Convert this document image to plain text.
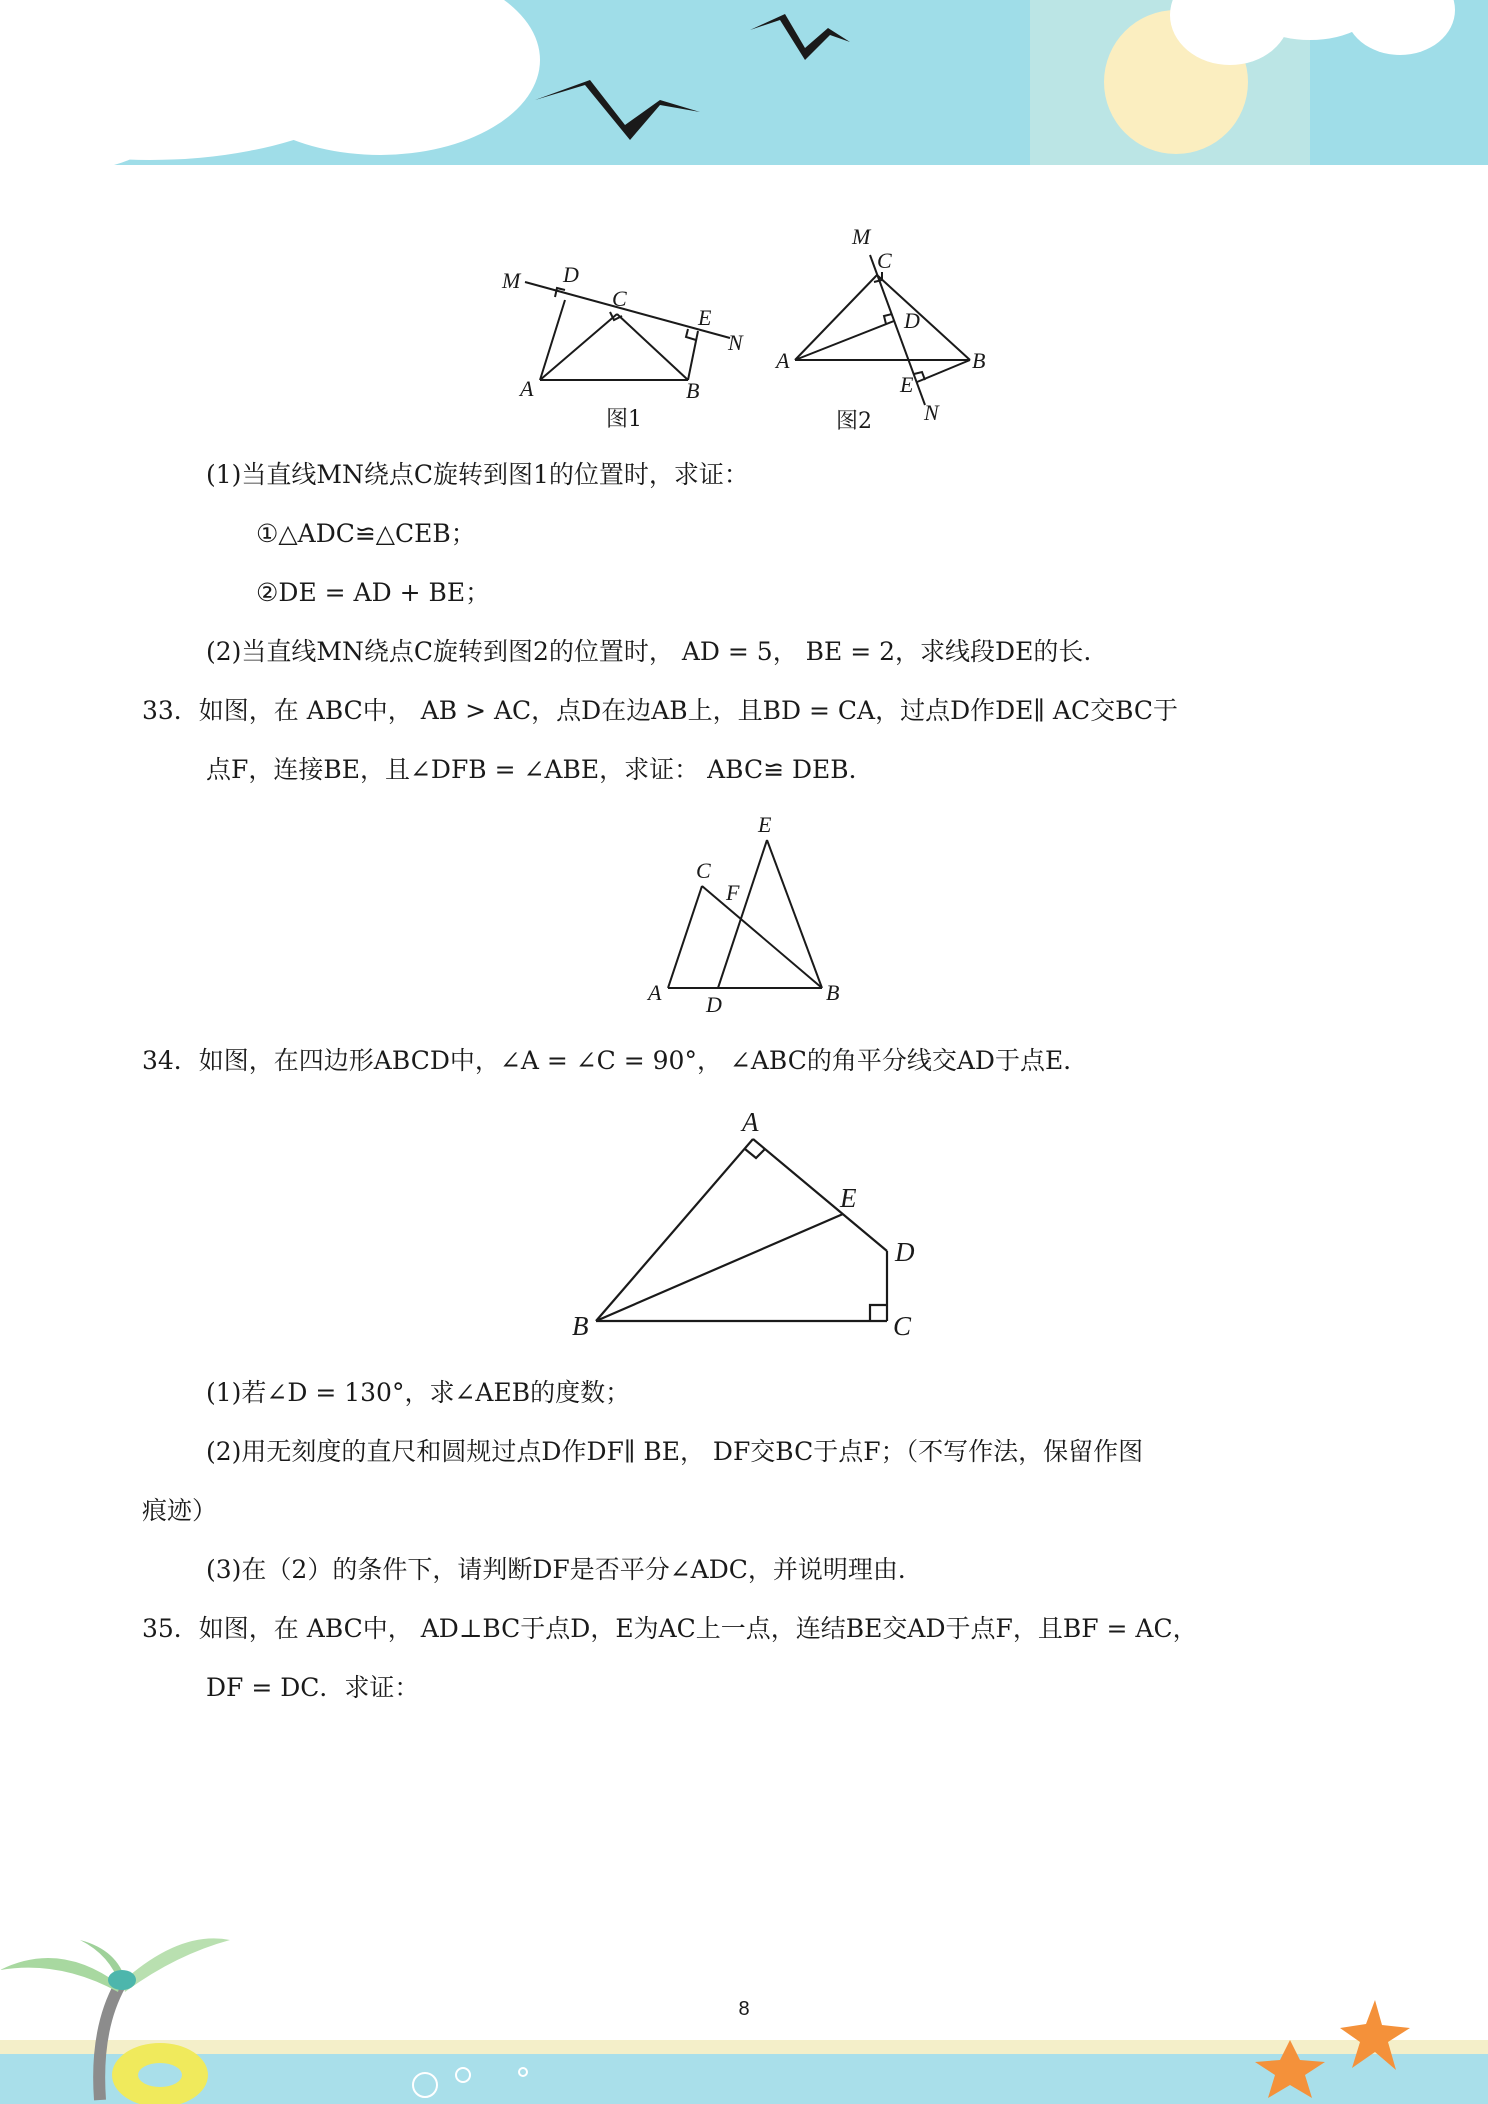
M D
C
E
N
A	B
M
C
D
A	B
E
N
图1	图2
(1)当直线MN绕点C旋转到图1的位置时，求证：
①△ADC≌△CEB；
②DE = AD + BE；
(2)当直线MN绕点C旋转到图2的位置时， AD = 5， BE = 2，求线段DE的长.
33．如图，在 ABC中， AB > AC，点D在边AB上，且BD = CA，过点D作DE∥ AC交BC于
点F，连接BE，且∠DFB = ∠ABE，求证： ABC≌ DEB．
C
E
F
A D	B
34．如图，在四边形ABCD中，∠A = ∠C = 90°， ∠ABC的角平分线交AD于点E．
A
E
D
B	C
(1)若∠D = 130°，求∠AEB的度数；
(2)用无刻度的直尺和圆规过点D作DF∥ BE， DF交BC于点F；（不写作法，保留作图
痕迹）
(3)在（2）的条件下，请判断DF是否平分∠ADC，并说明理由．
35．如图，在 ABC中， AD⊥BC于点D，E为AC上一点，连结BE交AD于点F，且BF = AC，
DF = DC．求证：
8
